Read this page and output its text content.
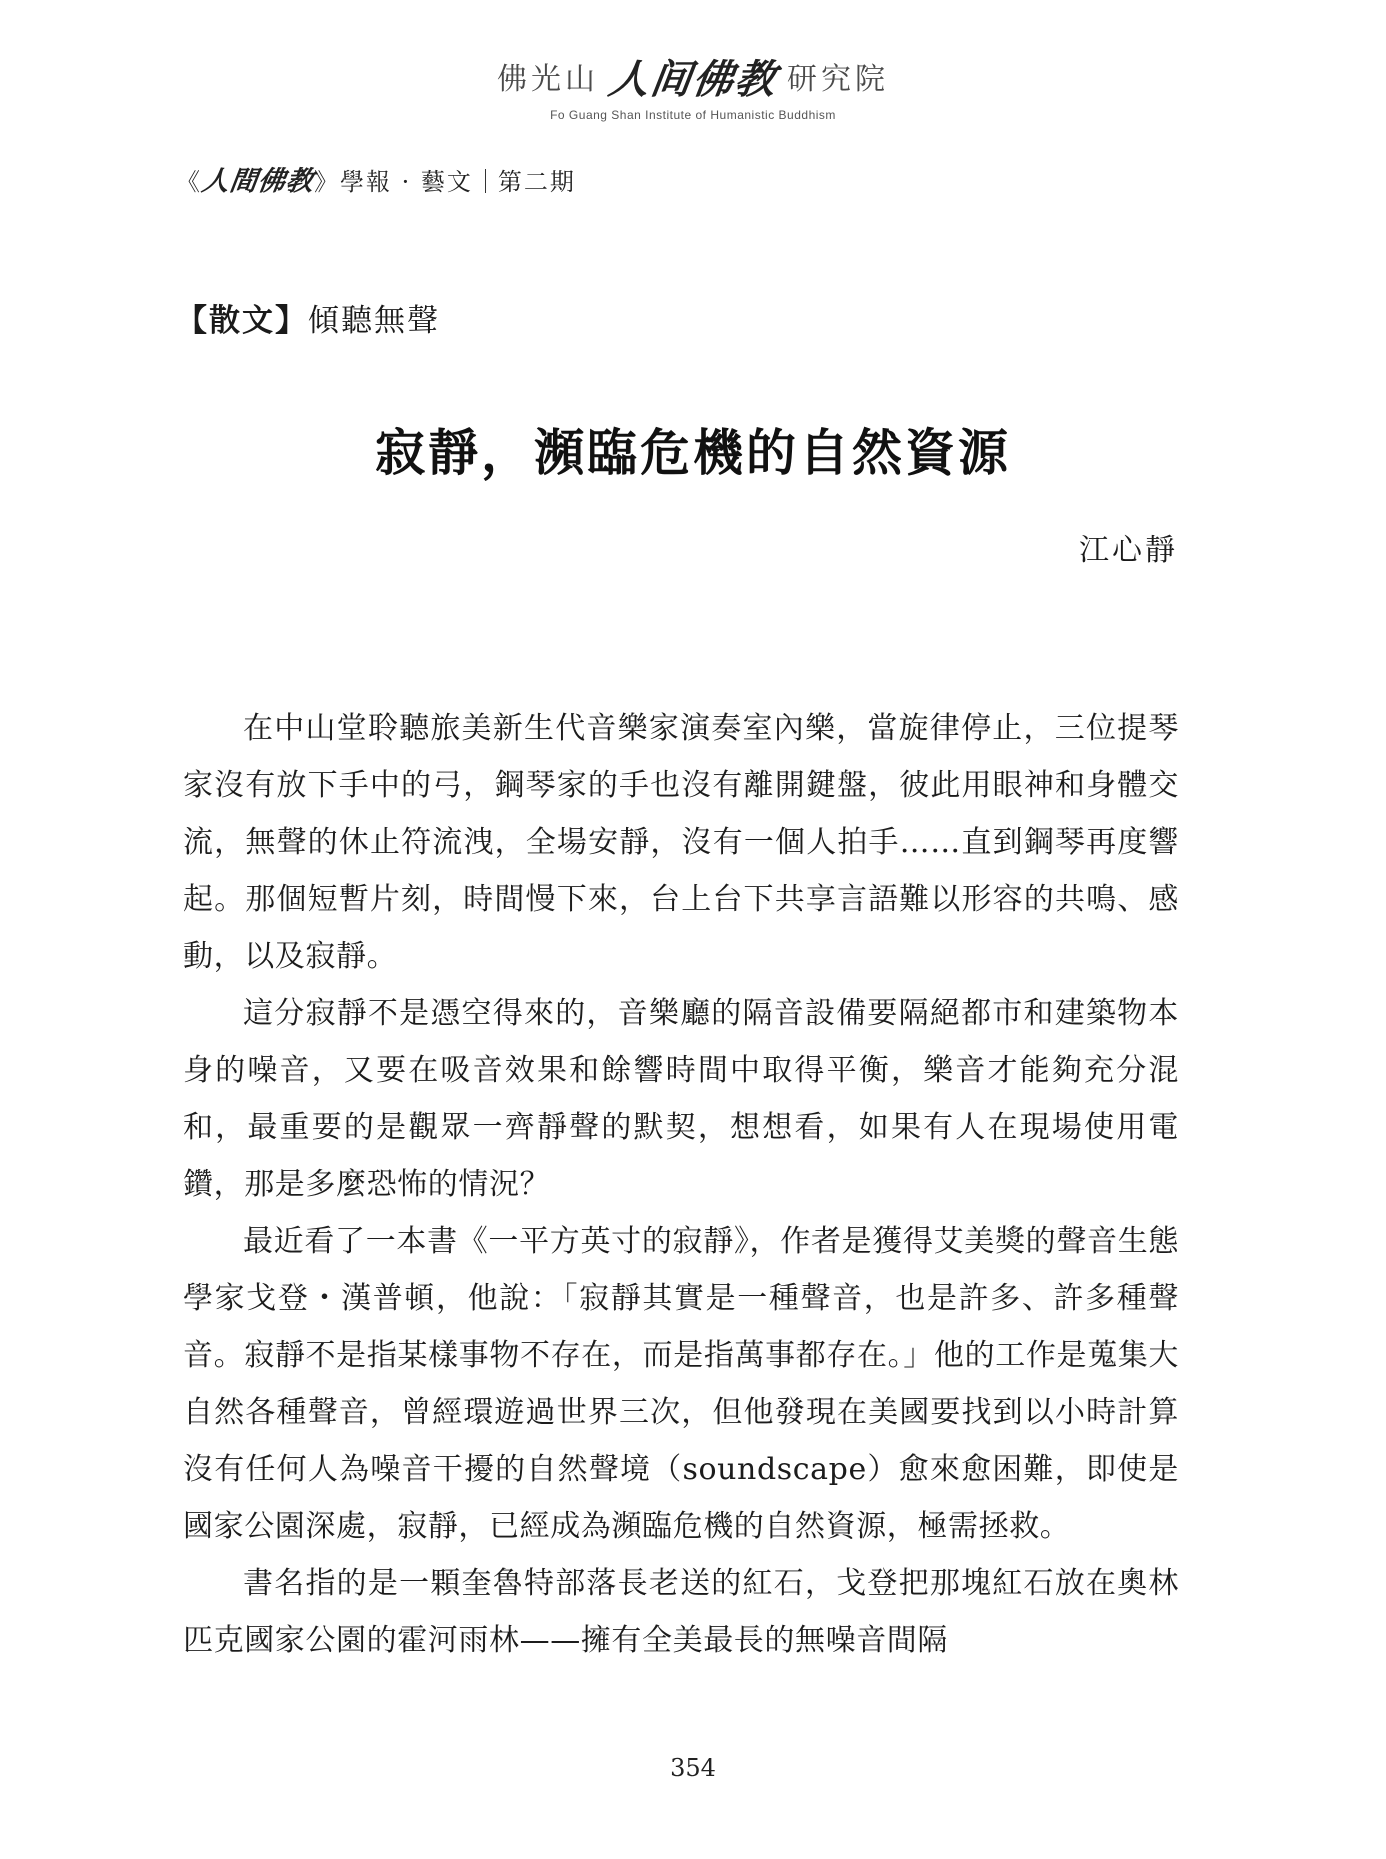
佛光山 人间佛教 研究院
Fo Guang Shan Institute of Humanistic Buddhism
《人間佛教》學報 · 藝文 第二期
【散文】傾聽無聲
寂靜，瀕臨危機的自然資源
江心靜

在中山堂聆聽旅美新生代音樂家演奏室內樂，當旋律停止，三位提琴家沒有放下手中的弓，鋼琴家的手也沒有離開鍵盤，彼此用眼神和身體交流，無聲的休止符流洩，全場安靜，沒有一個人拍手……直到鋼琴再度響起。那個短暫片刻，時間慢下來，台上台下共享言語難以形容的共鳴、感動，以及寂靜。

這分寂靜不是憑空得來的，音樂廳的隔音設備要隔絕都市和建築物本身的噪音，又要在吸音效果和餘響時間中取得平衡，樂音才能夠充分混和，最重要的是觀眾一齊靜聲的默契，想想看，如果有人在現場使用電鑽，那是多麼恐怖的情況？

最近看了一本書《一平方英寸的寂靜》，作者是獲得艾美獎的聲音生態學家戈登・漢普頓，他說：「寂靜其實是一種聲音，也是許多、許多種聲音。寂靜不是指某樣事物不存在，而是指萬事都存在。」他的工作是蒐集大自然各種聲音，曾經環遊過世界三次，但他發現在美國要找到以小時計算沒有任何人為噪音干擾的自然聲境（soundscape）愈來愈困難，即使是國家公園深處，寂靜，已經成為瀕臨危機的自然資源，極需拯救。

書名指的是一顆奎魯特部落長老送的紅石，戈登把那塊紅石放在奧林匹克國家公園的霍河雨林——擁有全美最長的無噪音間隔

354
